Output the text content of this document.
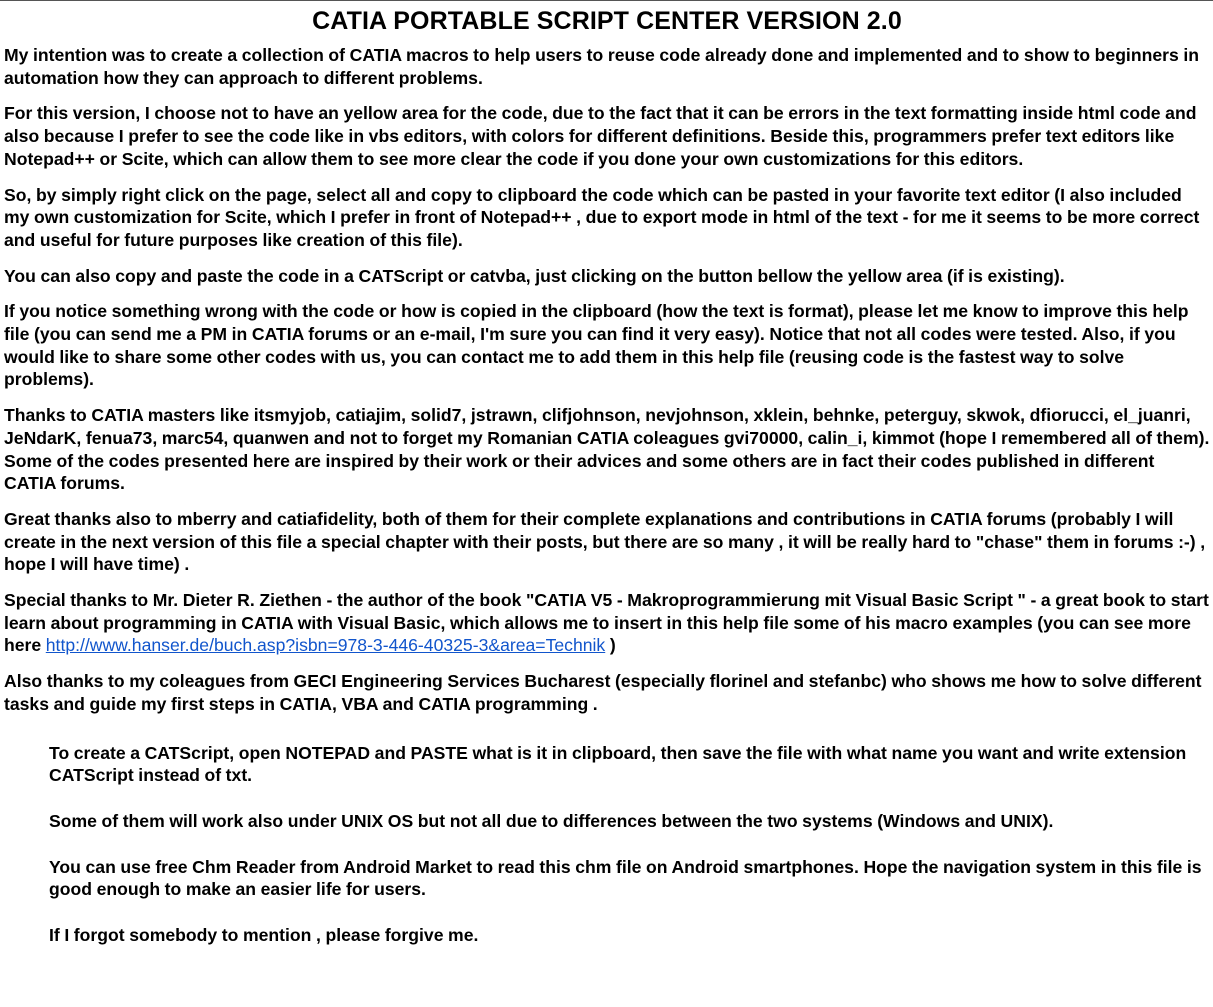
CATIA PORTABLE SCRIPT CENTER VERSION 2.0

My intention was to create a collection of CATIA macros to help users to reuse code already done and implemented and to show to beginners in automation how they can approach to different problems.

For this version, I choose not to have an yellow area for the code, due to the fact that it can be errors in the text formatting inside html code and also because I prefer to see the code like in vbs editors, with colors for different definitions. Beside this, programmers prefer text editors like Notepad++ or Scite, which can allow them to see more clear the code if you done your own customizations for this editors.

So, by simply right click on the page, select all and copy to clipboard the code which can be pasted in your favorite text editor (I also included my own customization for Scite, which I prefer in front of Notepad++ , due to export mode in html of the text - for me it seems to be more correct and useful for future purposes like creation of this file).

You can also copy and paste the code in a CATScript or catvba, just clicking on the button bellow the yellow area (if is existing).

If you notice something wrong with the code or how is copied in the clipboard (how the text is format), please let me know to improve this help file (you can send me a PM in CATIA forums or an e-mail, I'm sure you can find it very easy). Notice that not all codes were tested. Also, if you would like to share some other codes with us, you can contact me to add them in this help file (reusing code is the fastest way to solve problems).

Thanks to CATIA masters like itsmyjob, catiajim, solid7, jstrawn, clifjohnson, nevjohnson, xklein, behnke, peterguy, skwok, dfiorucci, el_juanri, JeNdarK, fenua73, marc54, quanwen and not to forget my Romanian CATIA coleagues gvi70000, calin_i, kimmot (hope I remembered all of them). Some of the codes presented here are inspired by their work or their advices and some others are in fact their codes published in different CATIA forums.

Great thanks also to mberry and catiafidelity, both of them for their complete explanations and contributions in CATIA forums (probably I will create in the next version of this file a special chapter with their posts, but there are so many , it will be really hard to "chase" them in forums :-) , hope I will have time) .

Special thanks to Mr. Dieter R. Ziethen - the author of the book "CATIA V5 - Makroprogrammierung mit Visual Basic Script " - a great book to start learn about programming in CATIA with Visual Basic, which allows me to insert in this help file some of his macro examples (you can see more here http://www.hanser.de/buch.asp?isbn=978-3-446-40325-3&area=Technik )

Also thanks to my coleagues from GECI Engineering Services Bucharest (especially florinel and stefanbc) who shows me how to solve different tasks and guide my first steps in CATIA, VBA and CATIA programming .

To create a CATScript, open NOTEPAD and PASTE what is it in clipboard, then save the file with what name you want and write extension CATScript instead of txt.

Some of them will work also under UNIX OS but not all due to differences between the two systems (Windows and UNIX).

You can use free Chm Reader from Android Market to read this chm file on Android smartphones. Hope the navigation system in this file is good enough to make an easier life for users.

If I forgot somebody to mention , please forgive me.
